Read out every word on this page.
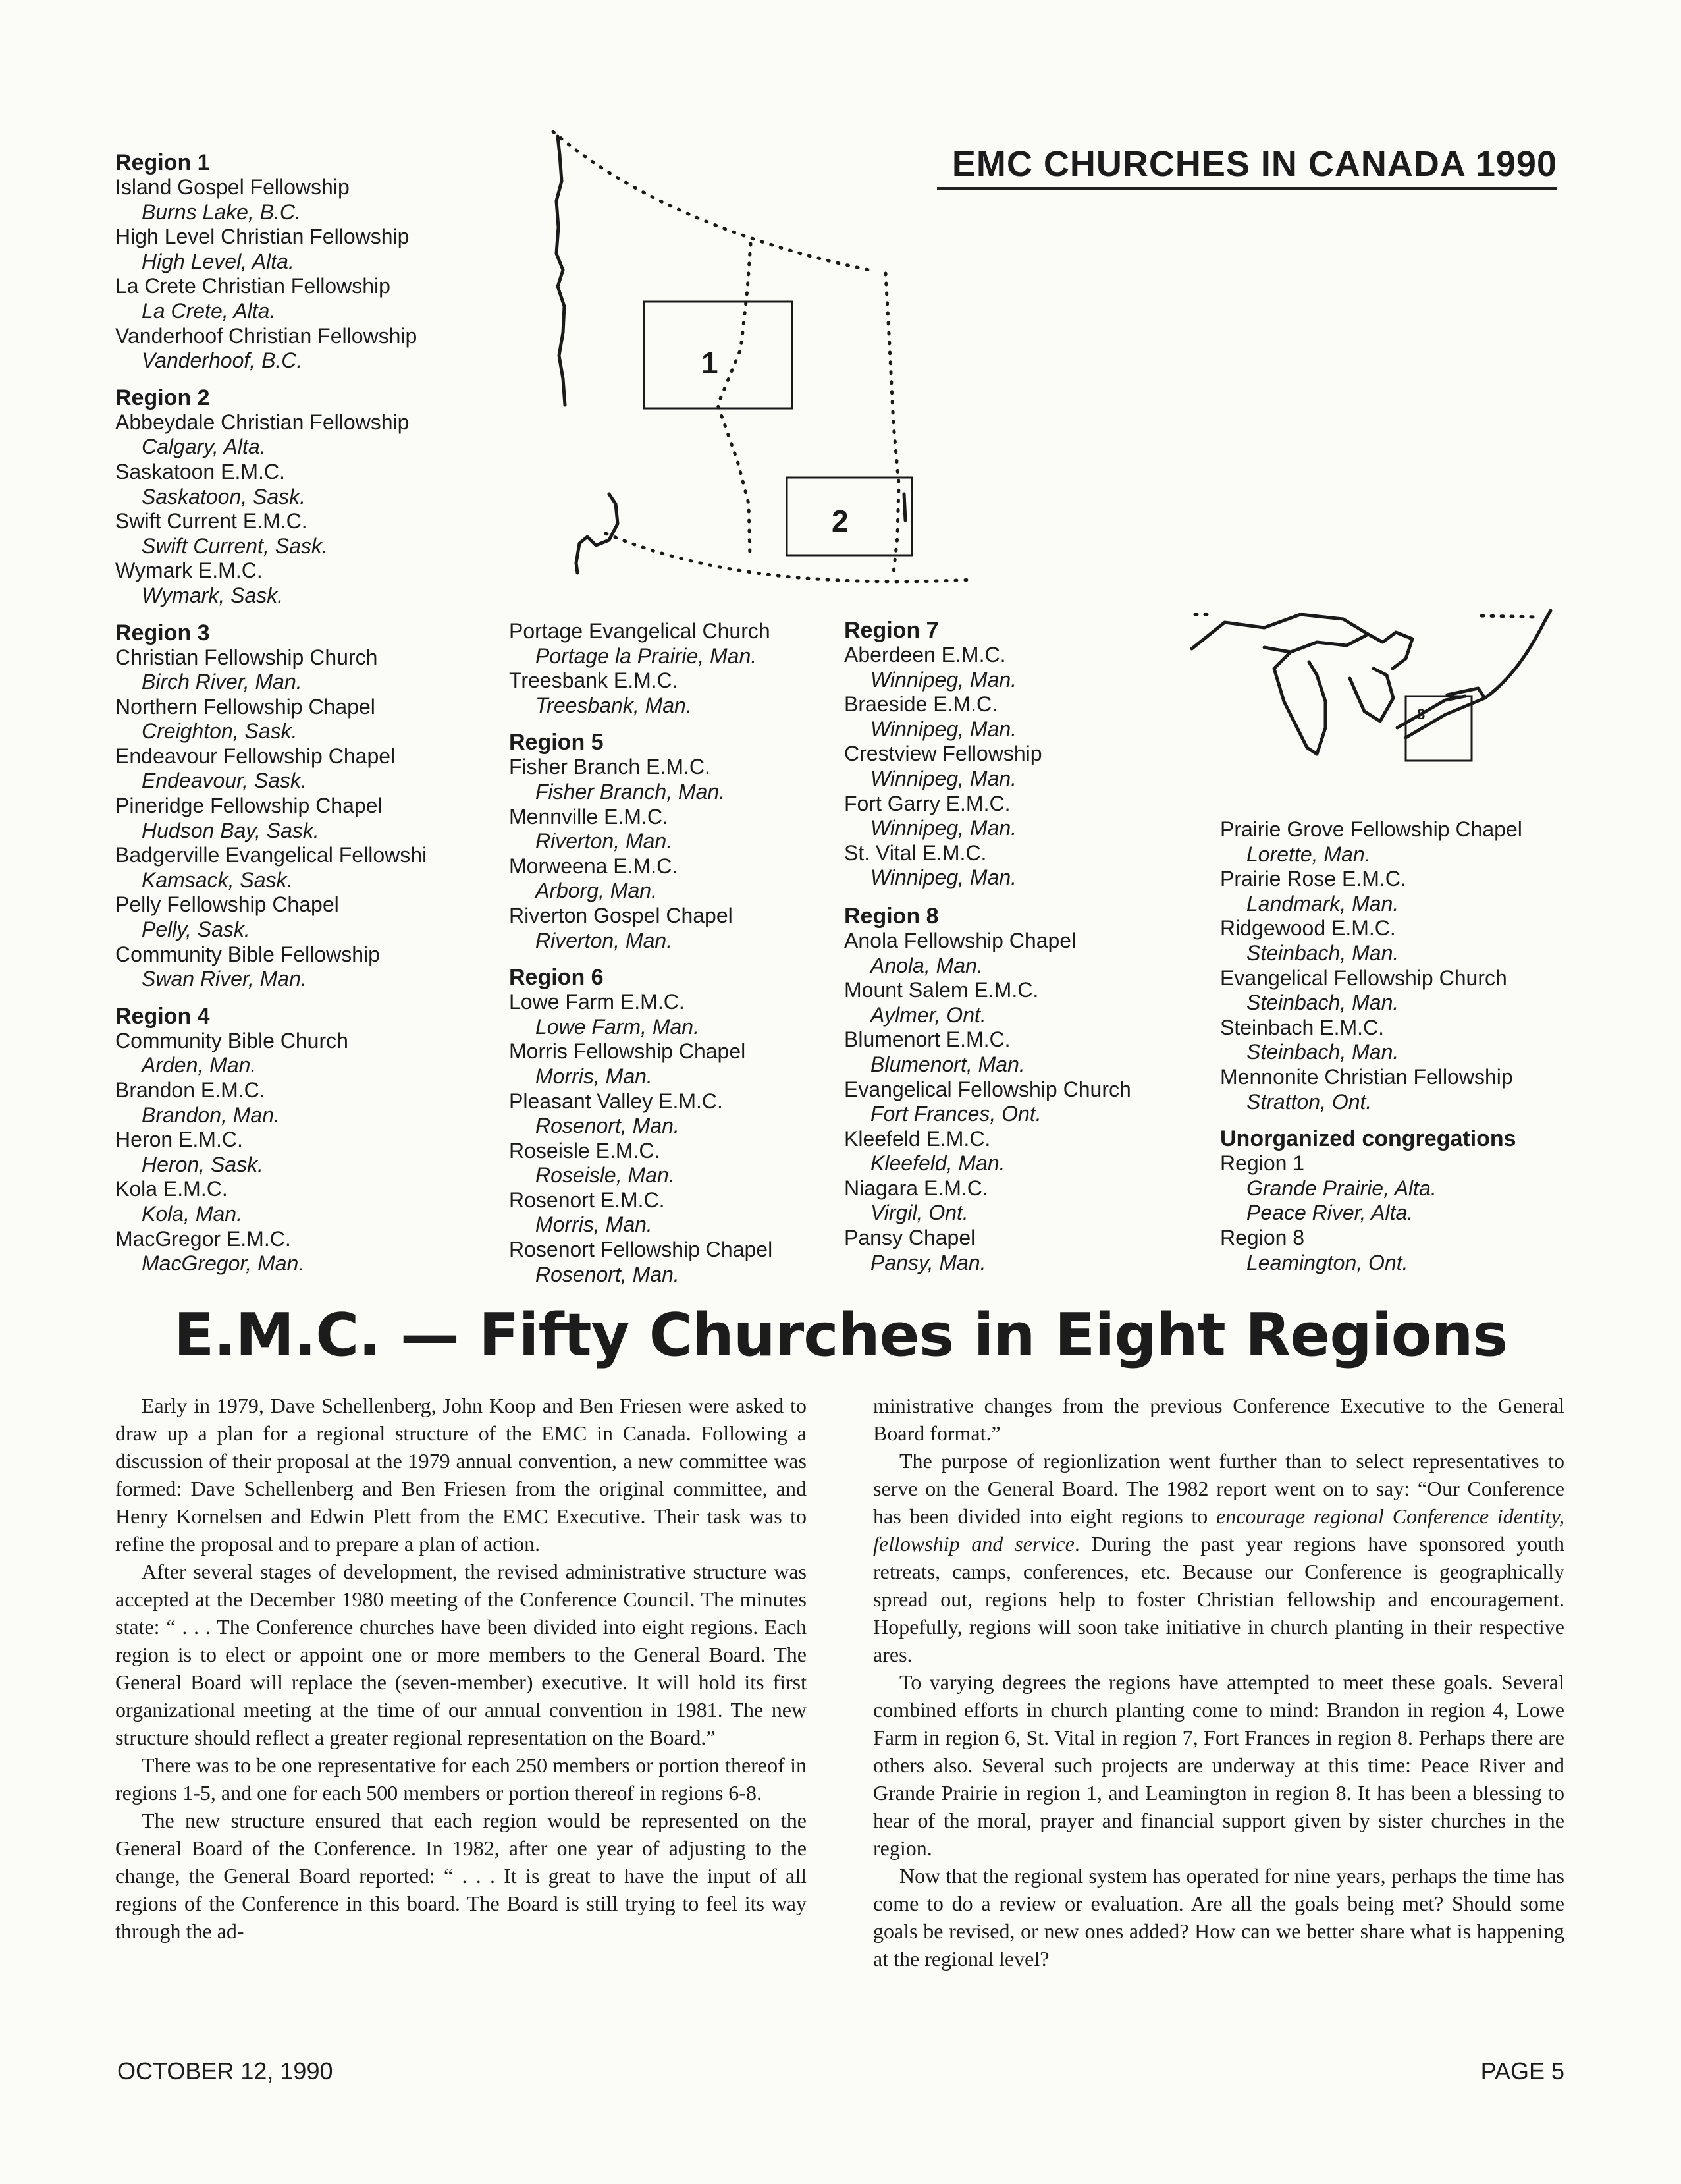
EMC CHURCHES IN CANADA 1990
1
2
8
Region 1
Island Gospel Fellowship
Burns Lake, B.C.
High Level Christian Fellowship
High Level, Alta.
La Crete Christian Fellowship
La Crete, Alta.
Vanderhoof Christian Fellowship
Vanderhoof, B.C.
Region 2
Abbeydale Christian Fellowship
Calgary, Alta.
Saskatoon E.M.C.
Saskatoon, Sask.
Swift Current E.M.C.
Swift Current, Sask.
Wymark E.M.C.
Wymark, Sask.
Region 3
Christian Fellowship Church
Birch River, Man.
Northern Fellowship Chapel
Creighton, Sask.
Endeavour Fellowship Chapel
Endeavour, Sask.
Pineridge Fellowship Chapel
Hudson Bay, Sask.
Badgerville Evangelical Fellowshi
Kamsack, Sask.
Pelly Fellowship Chapel
Pelly, Sask.
Community Bible Fellowship
Swan River, Man.
Region 4
Community Bible Church
Arden, Man.
Brandon E.M.C.
Brandon, Man.
Heron E.M.C.
Heron, Sask.
Kola E.M.C.
Kola, Man.
MacGregor E.M.C.
MacGregor, Man.
Portage Evangelical Church
Portage la Prairie, Man.
Treesbank E.M.C.
Treesbank, Man.
Region 5
Fisher Branch E.M.C.
Fisher Branch, Man.
Mennville E.M.C.
Riverton, Man.
Morweena E.M.C.
Arborg, Man.
Riverton Gospel Chapel
Riverton, Man.
Region 6
Lowe Farm E.M.C.
Lowe Farm, Man.
Morris Fellowship Chapel
Morris, Man.
Pleasant Valley E.M.C.
Rosenort, Man.
Roseisle E.M.C.
Roseisle, Man.
Rosenort E.M.C.
Morris, Man.
Rosenort Fellowship Chapel
Rosenort, Man.
Region 7
Aberdeen E.M.C.
Winnipeg, Man.
Braeside E.M.C.
Winnipeg, Man.
Crestview Fellowship
Winnipeg, Man.
Fort Garry E.M.C.
Winnipeg, Man.
St. Vital E.M.C.
Winnipeg, Man.
Region 8
Anola Fellowship Chapel
Anola, Man.
Mount Salem E.M.C.
Aylmer, Ont.
Blumenort E.M.C.
Blumenort, Man.
Evangelical Fellowship Church
Fort Frances, Ont.
Kleefeld E.M.C.
Kleefeld, Man.
Niagara E.M.C.
Virgil, Ont.
Pansy Chapel
Pansy, Man.
Prairie Grove Fellowship Chapel
Lorette, Man.
Prairie Rose E.M.C.
Landmark, Man.
Ridgewood E.M.C.
Steinbach, Man.
Evangelical Fellowship Church
Steinbach, Man.
Steinbach E.M.C.
Steinbach, Man.
Mennonite Christian Fellowship
Stratton, Ont.
Unorganized congregations
Region 1
Grande Prairie, Alta.
Peace River, Alta.
Region 8
Leamington, Ont.
E.M.C. — Fifty Churches in Eight Regions

Early in 1979, Dave Schellenberg, John Koop and Ben Friesen were asked to draw up a plan for a regional structure of the EMC in Canada. Following a discussion of their proposal at the 1979 annual convention, a new committee was formed: Dave Schellenberg and Ben Friesen from the original committee, and Henry Kornelsen and Edwin Plett from the EMC Executive. Their task was to refine the proposal and to prepare a plan of action.

After several stages of development, the revised administrative structure was accepted at the December 1980 meeting of the Conference Council. The minutes state: “ . . . The Conference churches have been divided into eight regions. Each region is to elect or appoint one or more members to the General Board. The General Board will replace the (seven-member) executive. It will hold its first organizational meeting at the time of our annual convention in 1981. The new structure should reflect a greater regional representation on the Board.”

There was to be one representative for each 250 members or portion thereof in regions 1-5, and one for each 500 members or portion thereof in regions 6-8.

The new structure ensured that each region would be represented on the General Board of the Conference. In 1982, after one year of adjusting to the change, the General Board reported: “ . . . It is great to have the input of all regions of the Conference in this board. The Board is still trying to feel its way through the ad-

ministrative changes from the previous Conference Executive to the General Board format.”

The purpose of regionlization went further than to select representatives to serve on the General Board. The 1982 report went on to say: “Our Conference has been divided into eight regions to encourage regional Conference identity, fellowship and service. During the past year regions have sponsored youth retreats, camps, conferences, etc. Because our Conference is geographically spread out, regions help to foster Christian fellowship and encouragement. Hopefully, regions will soon take initiative in church planting in their respective ares.

To varying degrees the regions have attempted to meet these goals. Several combined efforts in church planting come to mind: Brandon in region 4, Lowe Farm in region 6, St. Vital in region 7, Fort Frances in region 8. Perhaps there are others also. Several such projects are underway at this time: Peace River and Grande Prairie in region 1, and Leamington in region 8. It has been a blessing to hear of the moral, prayer and financial support given by sister churches in the region.

Now that the regional system has operated for nine years, perhaps the time has come to do a review or evaluation. Are all the goals being met? Should some goals be revised, or new ones added? How can we better share what is happening at the regional level?

OCTOBER 12, 1990	PAGE 5
